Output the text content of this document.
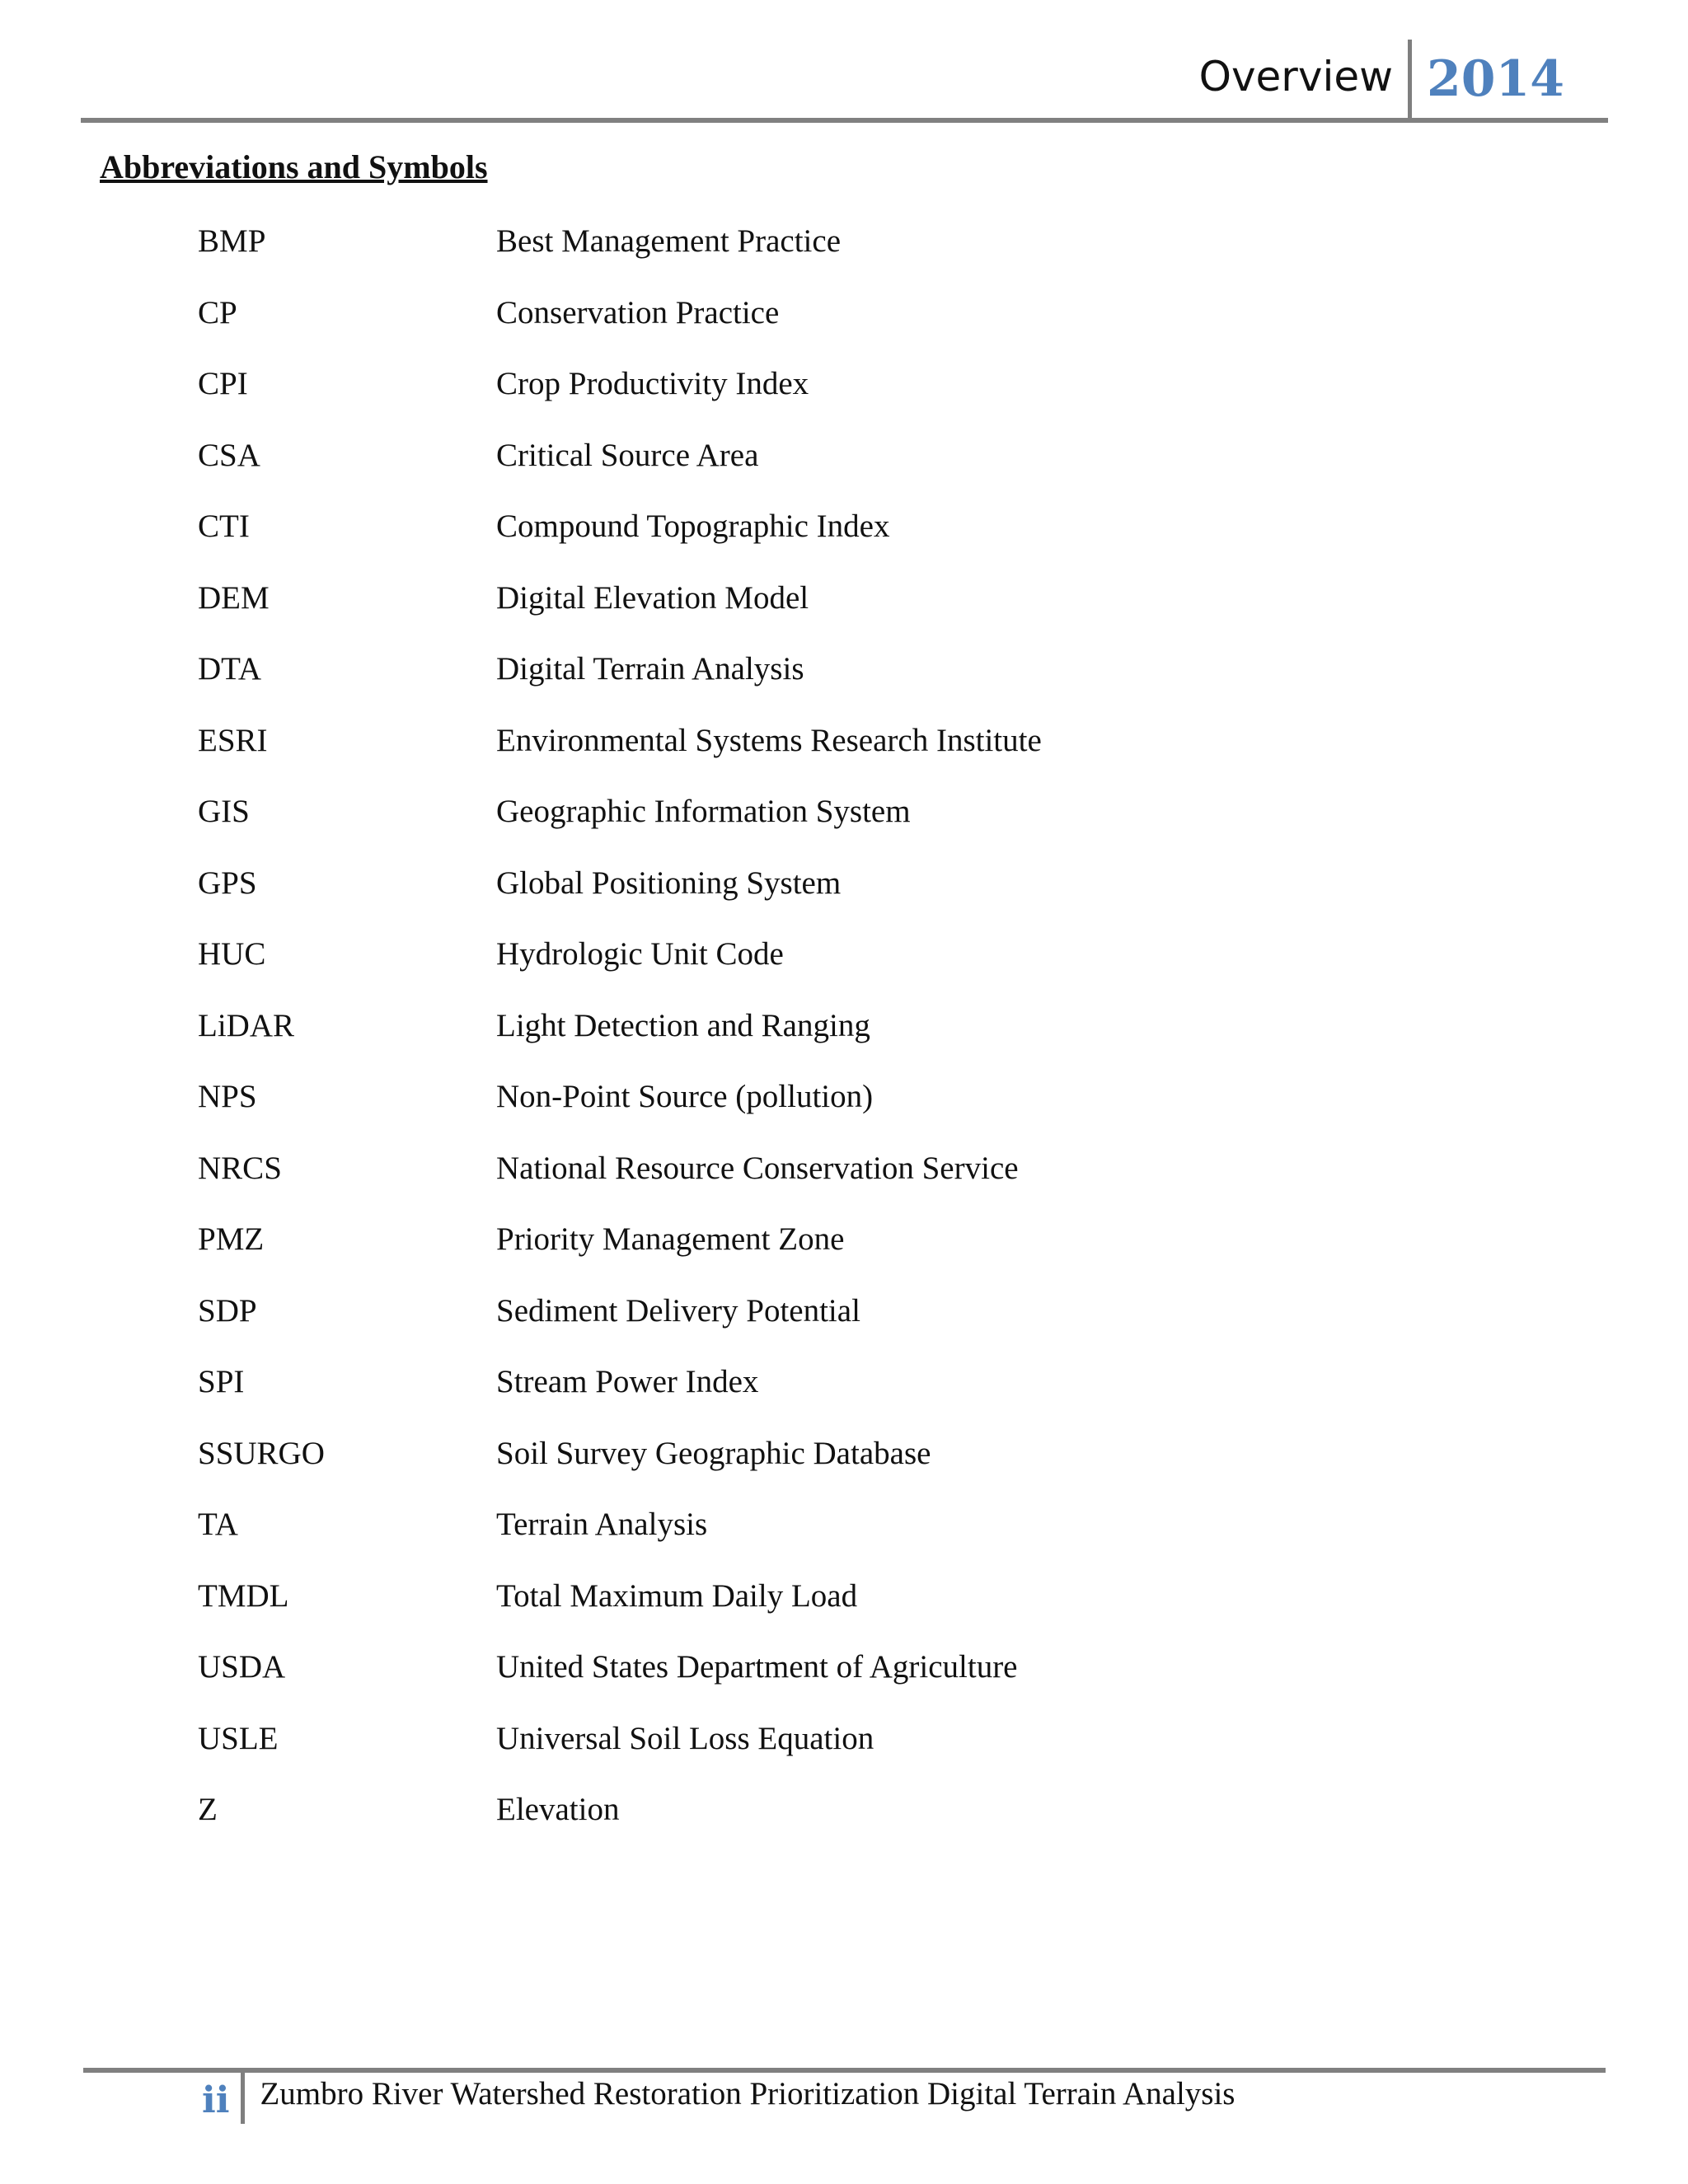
Overview 2014
Abbreviations and Symbols
BMP	Best Management Practice
CP	Conservation Practice
CPI	Crop Productivity Index
CSA	Critical Source Area
CTI	Compound Topographic Index
DEM	Digital Elevation Model
DTA	Digital Terrain Analysis
ESRI	Environmental Systems Research Institute
GIS	Geographic Information System
GPS	Global Positioning System
HUC	Hydrologic Unit Code
LiDAR	Light Detection and Ranging
NPS	Non-Point Source (pollution)
NRCS	National Resource Conservation Service
PMZ	Priority Management Zone
SDP	Sediment Delivery Potential
SPI	Stream Power Index
SSURGO	Soil Survey Geographic Database
TA	Terrain Analysis
TMDL	Total Maximum Daily Load
USDA	United States Department of Agriculture
USLE	Universal Soil Loss Equation
Z	Elevation
ii Zumbro River Watershed Restoration Prioritization Digital Terrain Analysis
